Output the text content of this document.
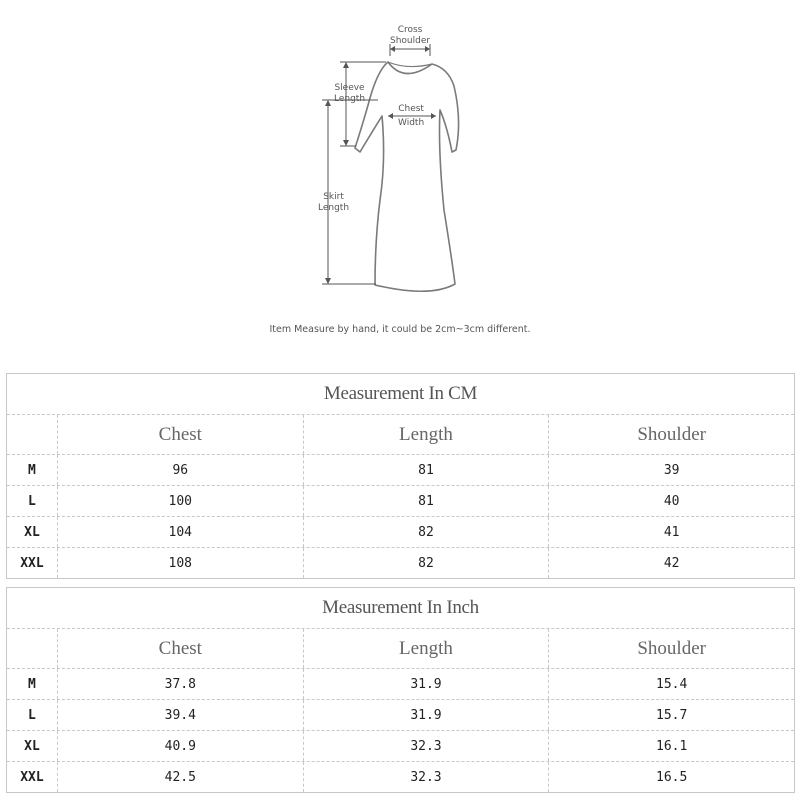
Cross
Shoulder
Sleeve
Length
Chest
Width
Skirt
Length
Item Measure by hand, it could be 2cm~3cm different.
Measurement In CM
Chest	Length	Shoulder
M	96	81	39
L	100	81	40
XL	104	82	41
XXL	108	82	42
Measurement In Inch
Chest	Length	Shoulder
M	37.8	31.9	15.4
L	39.4	31.9	15.7
XL	40.9	32.3	16.1
XXL	42.5	32.3	16.5
